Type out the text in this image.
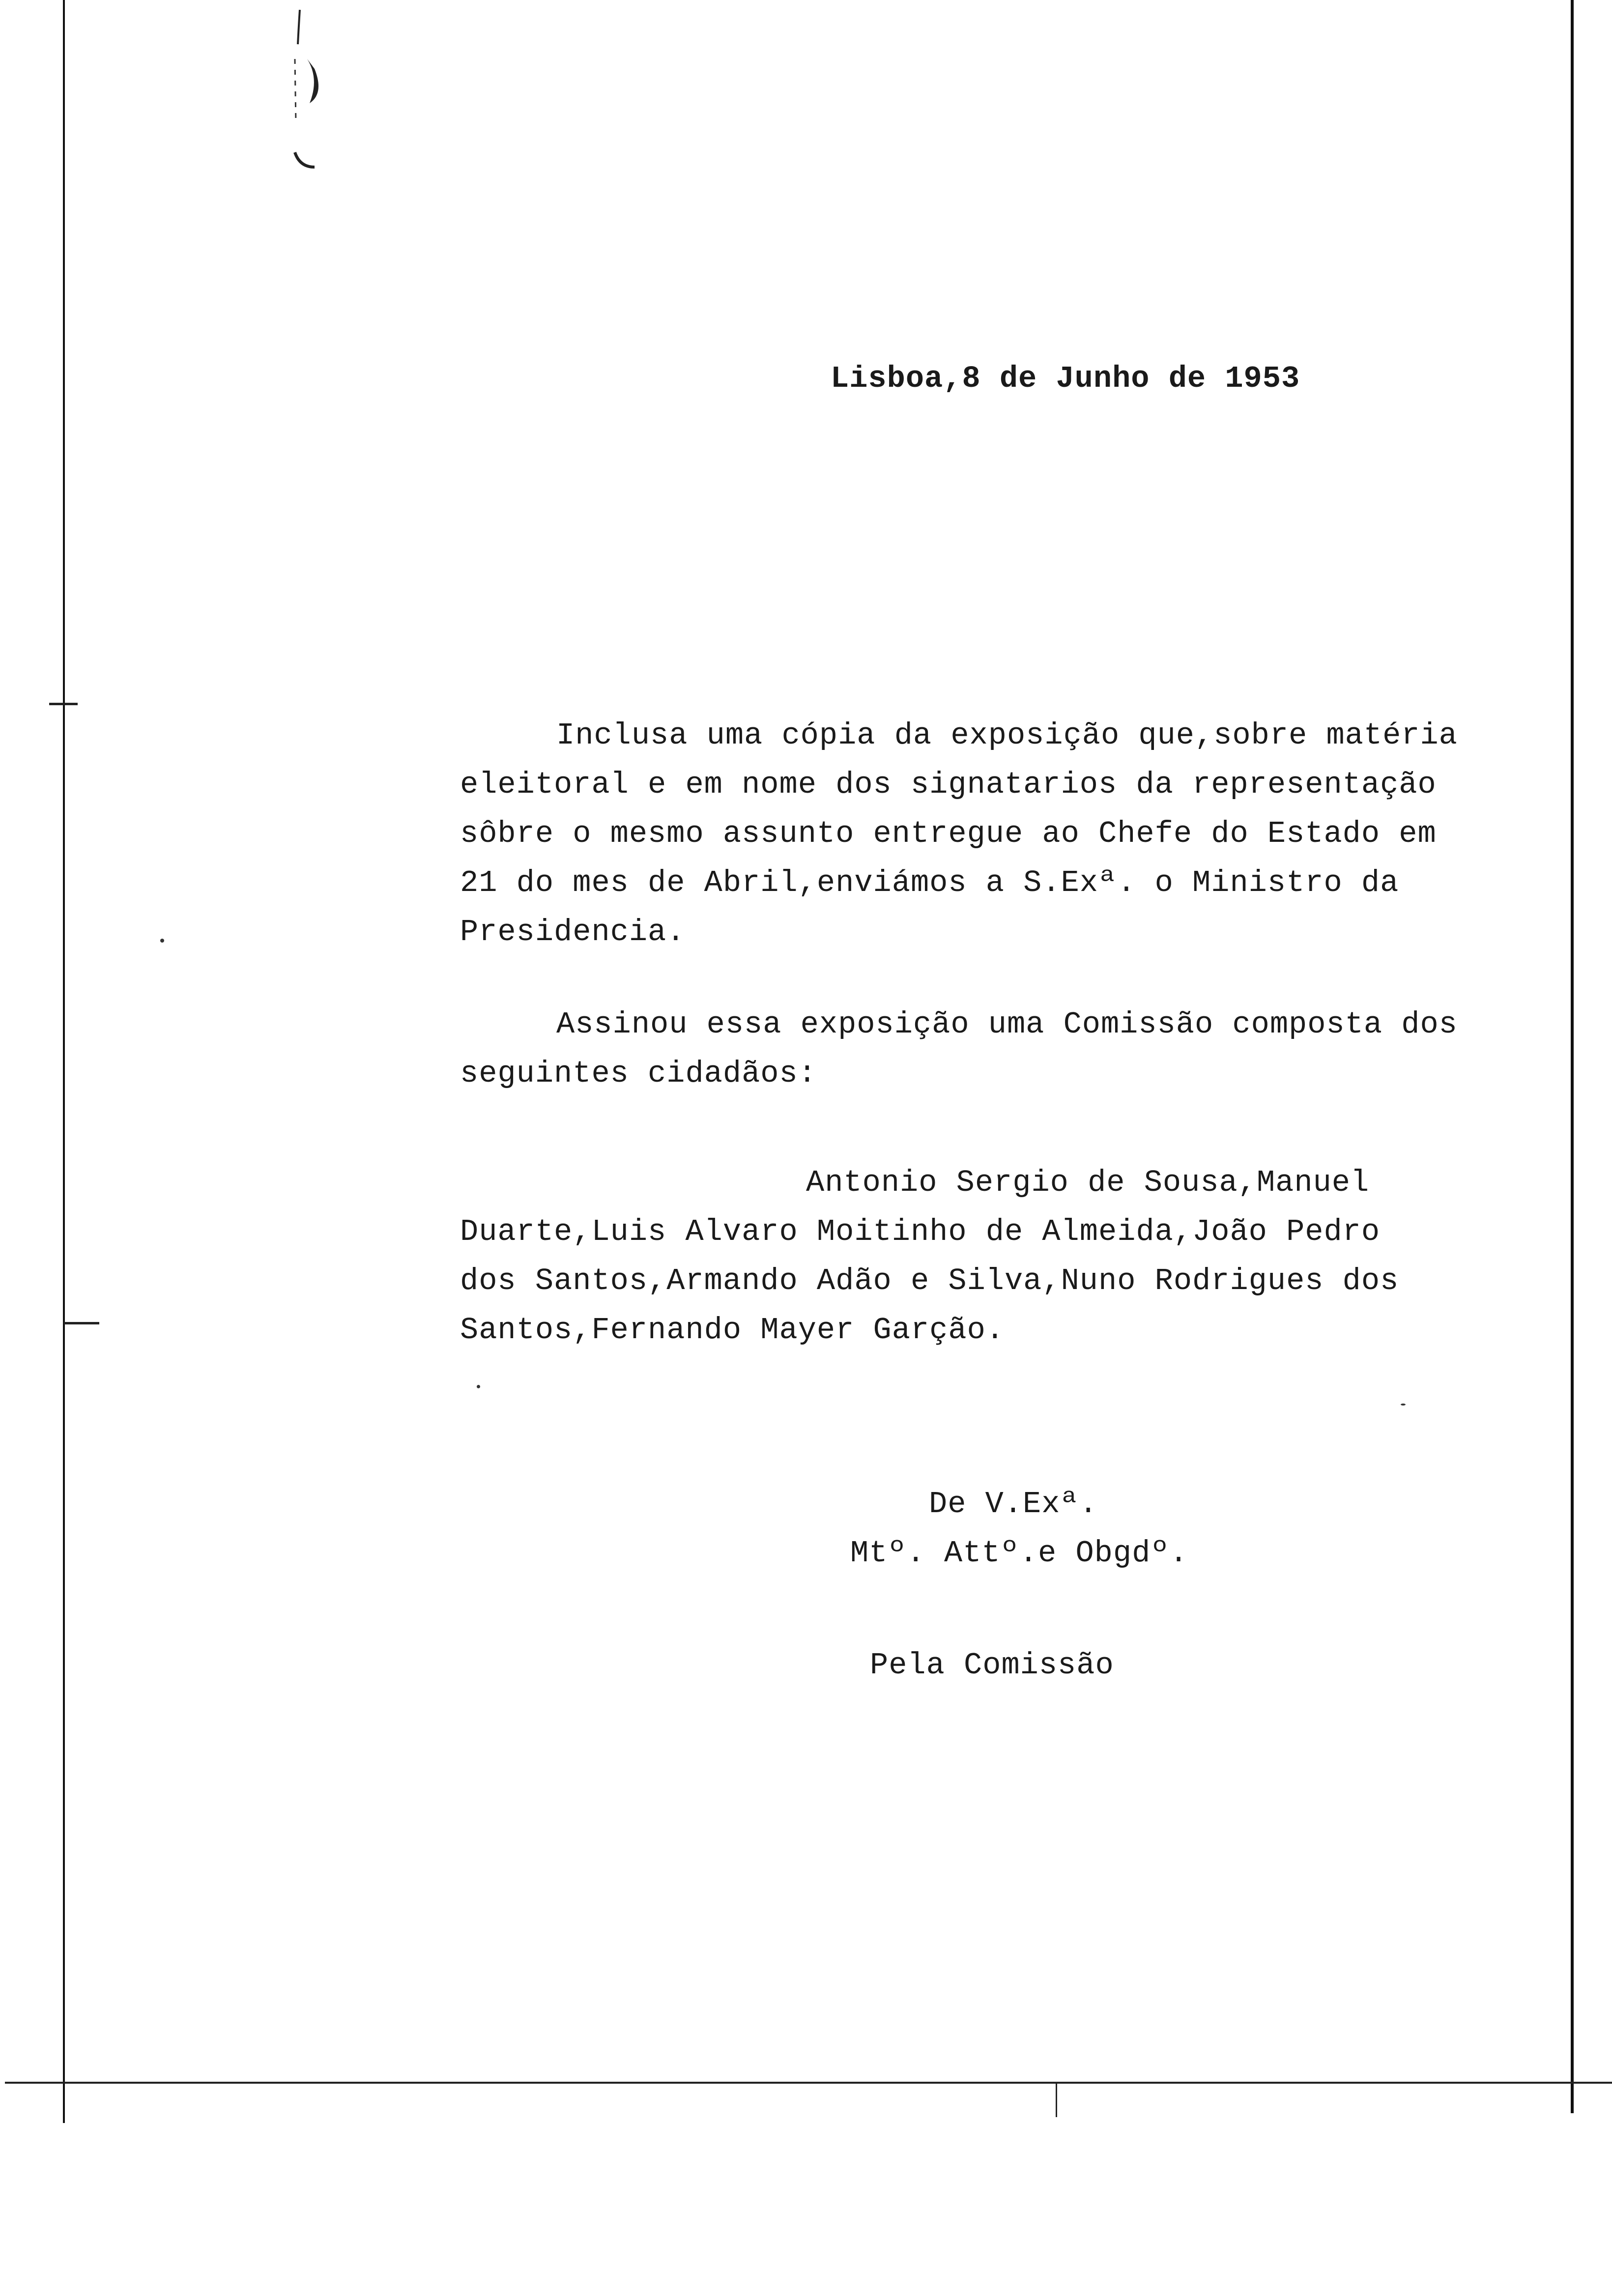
Lisboa,8 de Junho de 1953
Inclusa uma cópia da exposição que,sobre matéria
eleitoral e em nome dos signatarios da representação
sôbre o mesmo assunto entregue ao Chefe do Estado em
21 do mes de Abril,enviámos a S.Exª. o Ministro da
Presidencia.
Assinou essa exposição uma Comissão composta dos
seguintes cidadãos:
Antonio Sergio de Sousa,Manuel
Duarte,Luis Alvaro Moitinho de Almeida,João Pedro
dos Santos,Armando Adão e Silva,Nuno Rodrigues dos
Santos,Fernando Mayer Garção.
De V.Exª.
Mtº. Attº.e Obgdº.
Pela Comissão
